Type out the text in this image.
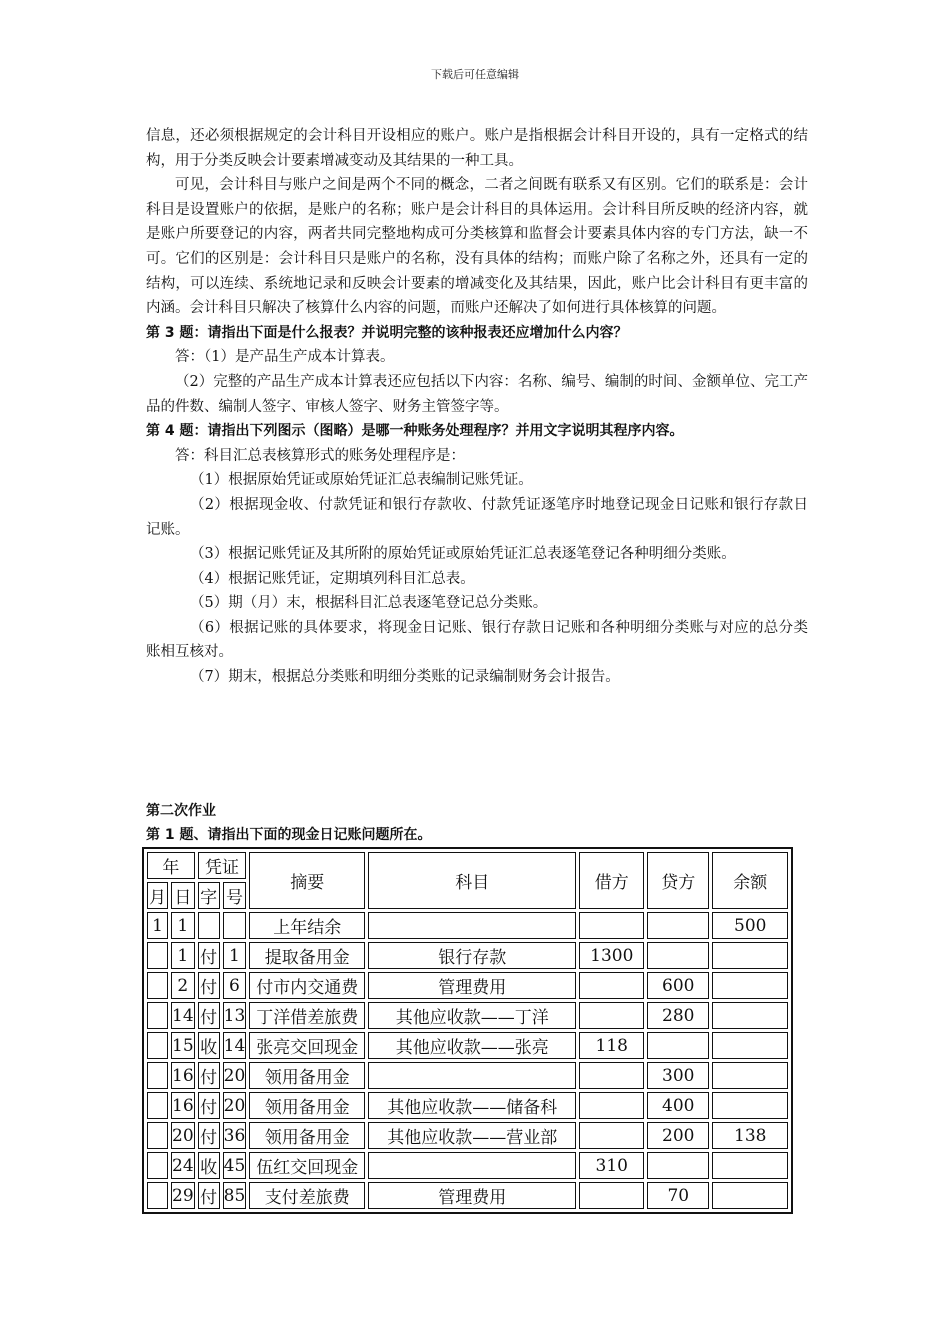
下载后可任意编辑

信息，还必须根据规定的会计科目开设相应的账户。账户是指根据会计科目开设的，具有一定格式的结构，用于分类反映会计要素增减变动及其结果的一种工具。

可见，会计科目与账户之间是两个不同的概念，二者之间既有联系又有区别。它们的联系是：会计科目是设置账户的依据，是账户的名称；账户是会计科目的具体运用。会计科目所反映的经济内容，就是账户所要登记的内容，两者共同完整地构成可分类核算和监督会计要素具体内容的专门方法，缺一不可。它们的区别是：会计科目只是账户的名称，没有具体的结构；而账户除了名称之外，还具有一定的结构，可以连续、系统地记录和反映会计要素的增减变化及其结果，因此，账户比会计科目有更丰富的内涵。会计科目只解决了核算什么内容的问题，而账户还解决了如何进行具体核算的问题。

第 3 题：请指出下面是什么报表？并说明完整的该种报表还应增加什么内容？

答：（1）是产品生产成本计算表。

（2）完整的产品生产成本计算表还应包括以下内容：名称、编号、编制的时间、金额单位、完工产品的件数、编制人签字、审核人签字、财务主管签字等。

第 4 题：请指出下列图示（图略）是哪一种账务处理程序？并用文字说明其程序内容。

答：科目汇总表核算形式的账务处理程序是：

（1）根据原始凭证或原始凭证汇总表编制记账凭证。

（2）根据现金收、付款凭证和银行存款收、付款凭证逐笔序时地登记现金日记账和银行存款日记账。

（3）根据记账凭证及其所附的原始凭证或原始凭证汇总表逐笔登记各种明细分类账。

（4）根据记账凭证，定期填列科目汇总表。

（5）期（月）末，根据科目汇总表逐笔登记总分类账。

（6）根据记账的具体要求，将现金日记账、银行存款日记账和各种明细分类账与对应的总分类账相互核对。

（7）期末，根据总分类账和明细分类账的记录编制财务会计报告。

第二次作业
第 1 题、请指出下面的现金日记账问题所在。
年		凭证		摘要	科目	借方	贷方	余额
月	日	字	号					
1	1			上年结余				500
	1	付	1	提取备用金	银行存款	1300		
	2	付	6	付市内交通费	管理费用		600	
	14	付	13	丁洋借差旅费	其他应收款——丁洋		280	
	15	收	14	张亮交回现金	其他应收款——张亮	118		
	16	付	20	领用备用金			300	
	16	付	20	领用备用金	其他应收款——储备科		400	
	20	付	36	领用备用金	其他应收款——营业部		200	138
	24	收	45	伍红交回现金		310		
	29	付	85	支付差旅费	管理费用		70	
